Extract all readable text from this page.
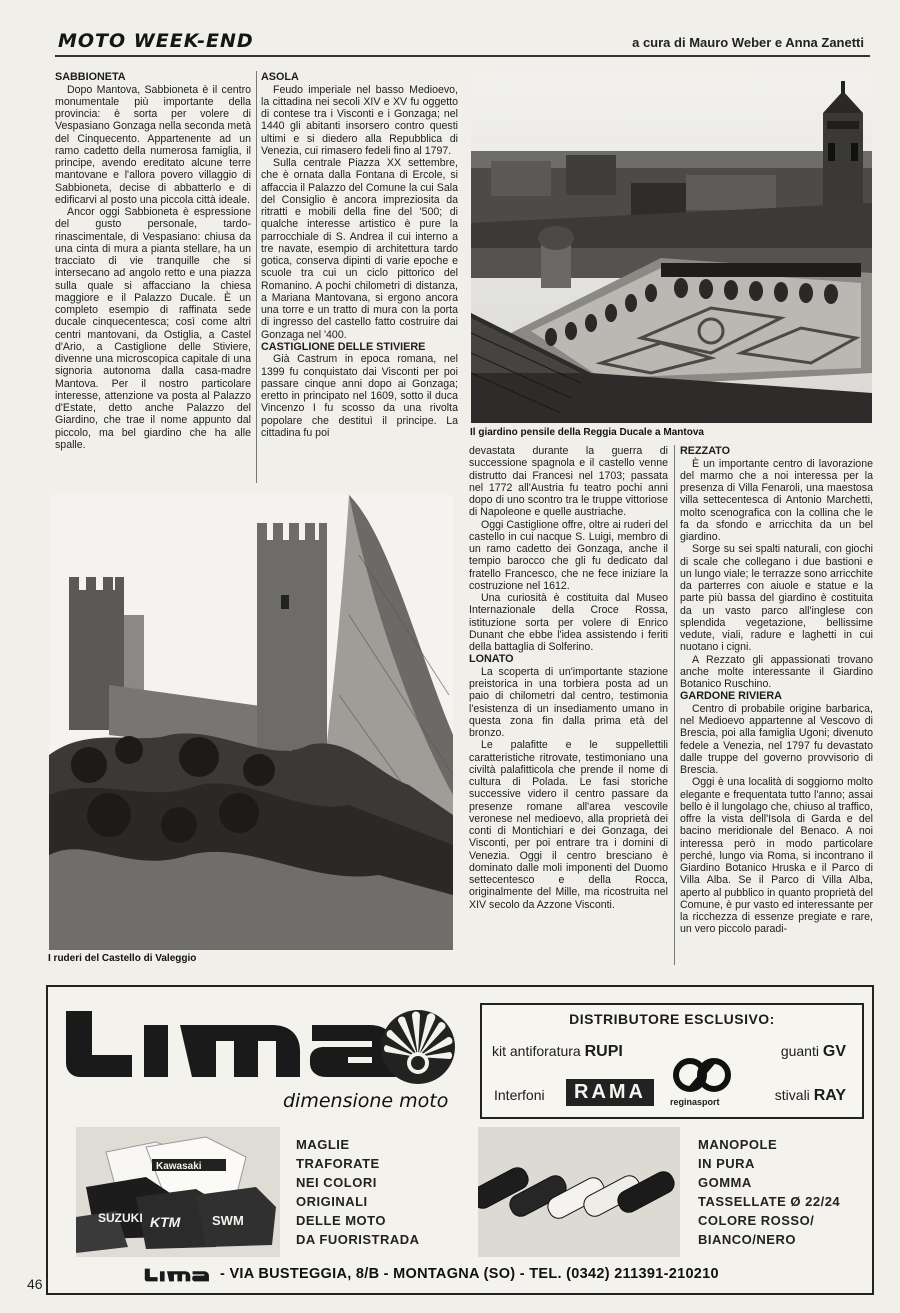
MOTO WEEK-END	a cura di Mauro Weber e Anna Zanetti
SABBIONETA

Dopo Mantova, Sabbioneta è il centro monumentale più importante della provincia: è sorta per volere di Vespasiano Gonzaga nella seconda metà del Cinquecento. Appartenente ad un ramo cadetto della numerosa famiglia, il principe, avendo ereditato alcune terre mantovane e l'allora povero villaggio di Sabbioneta, decise di abbatterlo e di edificarvi al posto una piccola città ideale.

Ancor oggi Sabbioneta è espressione del gusto personale, tardo-rinascimentale, di Vespasiano: chiusa da una cinta di mura a pianta stellare, ha un tracciato di vie tranquille che si intersecano ad angolo retto e una piazza sulla quale si affacciano la chiesa maggiore e il Palazzo Ducale. È un completo esempio di raffinata sede ducale cinquecentesca; così come altri centri mantovani, da Ostiglia, a Castel d'Ario, a Castiglione delle Stiviere, divenne una microscopica capitale di una signoria autonoma dalla casa-madre Mantova. Per il nostro particolare interesse, attenzione va posta al Palazzo d'Estate, detto anche Palazzo del Giardino, che trae il nome appunto dal piccolo, ma bel giardino che ha alle spalle.

ASOLA

Feudo imperiale nel basso Medioevo, la cittadina nei secoli XIV e XV fu oggetto di contese tra i Visconti e i Gonzaga; nel 1440 gli abitanti insorsero contro questi ultimi e si diedero alla Repubblica di Venezia, cui rimasero fedeli fino al 1797.

Sulla centrale Piazza XX settembre, che è ornata dalla Fontana di Ercole, si affaccia il Palazzo del Comune la cui Sala del Consiglio è ancora impreziosita da ritratti e mobili della fine del '500; di qualche interesse artistico è pure la parrocchiale di S. Andrea il cui interno a tre navate, esempio di architettura tardo gotica, conserva dipinti di varie epoche e scuole tra cui un ciclo pittorico del Romanino. A pochi chilometri di distanza, a Mariana Mantovana, si ergono ancora una torre e un tratto di mura con la porta di ingresso del castello fatto costruire dai Gonzaga nel '400.

CASTIGLIONE DELLE STIVIERE

Già Castrum in epoca romana, nel 1399 fu conquistato dai Visconti per poi passare cinque anni dopo ai Gonzaga; eretto in principato nel 1609, sotto il duca Vincenzo I fu scosso da una rivolta popolare che destituì il principe. La cittadina fu poi	Il giardino pensile della Reggia Ducale a Mantova
I ruderi del Castello di Valeggio

devastata durante la guerra di successione spagnola e il castello venne distrutto dai Francesi nel 1703; passata nel 1772 all'Austria fu teatro pochi anni dopo di uno scontro tra le truppe vittoriose di Napoleone e quelle austriache.

Oggi Castiglione offre, oltre ai ruderi del castello in cui nacque S. Luigi, membro di un ramo cadetto dei Gonzaga, anche il tempio barocco che gli fu dedicato dal fratello Francesco, che ne fece iniziare la costruzione nel 1612.

Una curiosità è costituita dal Museo Internazionale della Croce Rossa, istituzione sorta per volere di Enrico Dunant che ebbe l'idea assistendo i feriti della battaglia di Solferino.

LONATO

La scoperta di un'importante stazione preistorica in una torbiera posta ad un paio di chilometri dal centro, testimonia l'esistenza di un insediamento umano in questa zona fin dalla prima età del bronzo.

Le palafitte e le suppellettili caratteristiche ritrovate, testimoniano una civiltà palafitticola che prende il nome di cultura di Polada. Le fasi storiche successive videro il centro passare da presenze romane all'area vescovile veronese nel medioevo, alla proprietà dei conti di Montichiari e dei Gonzaga, dei Visconti, per poi entrare tra i domini di Venezia. Oggi il centro bresciano è dominato dalle moli imponenti del Duomo settecentesco e della Rocca, originalmente del Mille, ma ricostruita nel XIV secolo da Azzone Visconti.

REZZATO

È un importante centro di lavorazione del marmo che a noi interessa per la presenza di Villa Fenaroli, una maestosa villa settecentesca di Antonio Marchetti, molto scenografica con la collina che le fa da sfondo e arricchita da un bel giardino.

Sorge su sei spalti naturali, con giochi di scale che collegano i due bastioni e un lungo viale; le terrazze sono arricchite da parterres con aiuole e statue e la parte più bassa del giardino è costituita da un vasto parco all'inglese con splendida vegetazione, bellissime vedute, viali, radure e laghetti in cui nuotano i cigni.

A Rezzato gli appassionati trovano anche molte interessante il Giardino Botanico Ruschino.

GARDONE RIVIERA

Centro di probabile origine barbarica, nel Medioevo appartenne al Vescovo di Brescia, poi alla famiglia Ugoni; divenuto fedele a Venezia, nel 1797 fu devastato dalle truppe del governo provvisorio di Brescia.

Oggi è una località di soggiorno molto elegante e frequentata tutto l'anno; assai bello è il lungolago che, chiuso al traffico, offre la vista dell'Isola di Garda e del bacino meridionale del Benaco. A noi interessa però in modo particolare perché, lungo via Roma, si incontrano il Giardino Botanico Hruska e il Parco di Villa Alba. Se il Parco di Villa Alba, aperto al pubblico in quanto proprietà del Comune, è pur vasto ed interessante per la ricchezza di essenze pregiate e rare, un vero piccolo paradi-

dimensione moto
DISTRIBUTORE ESCLUSIVO:
kit antiforatura RUPI	guanti GV
Interfoni	RAMA	reginasport	stivali RAY
Kawasaki
SUZUKI KTM SWM
MAGLIE
TRAFORATE
NEI COLORI
ORIGINALI
DELLE MOTO
DA FUORISTRADA
MANOPOLE
IN PURA
GOMMA
TASSELLATE Ø 22/24
COLORE ROSSO/
BIANCO/NERO
- VIA BUSTEGGIA, 8/B - MONTAGNA (SO) - TEL. (0342) 211391-210210
46
